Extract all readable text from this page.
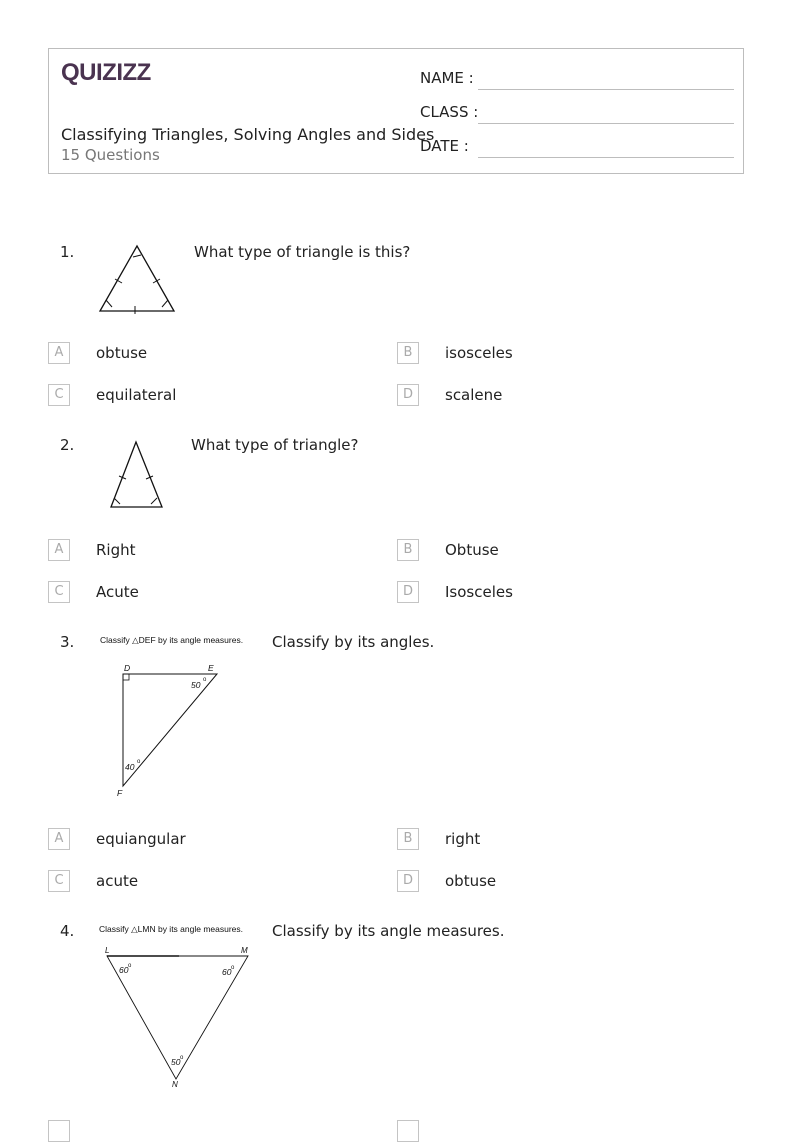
QUIZIZZ
Classifying Triangles, Solving Angles and Sides
15 Questions
NAME :
CLASS :
DATE :
1.	What type of triangle is this?
A	obtuse	B	isosceles
C	equilateral	D	scalene
2.	What type of triangle?
A	Right	B	Obtuse
C	Acute	D	Isosceles
3.	Classify △DEF by its angle measures.
D	E
F
50 o
40 o
Classify by its angles.
A	equiangular	B	right
C	acute	D	obtuse
4.	Classify △LMN by its angle measures.
L	M
N
60 o
60 o
50 o
Classify by its angle measures.
